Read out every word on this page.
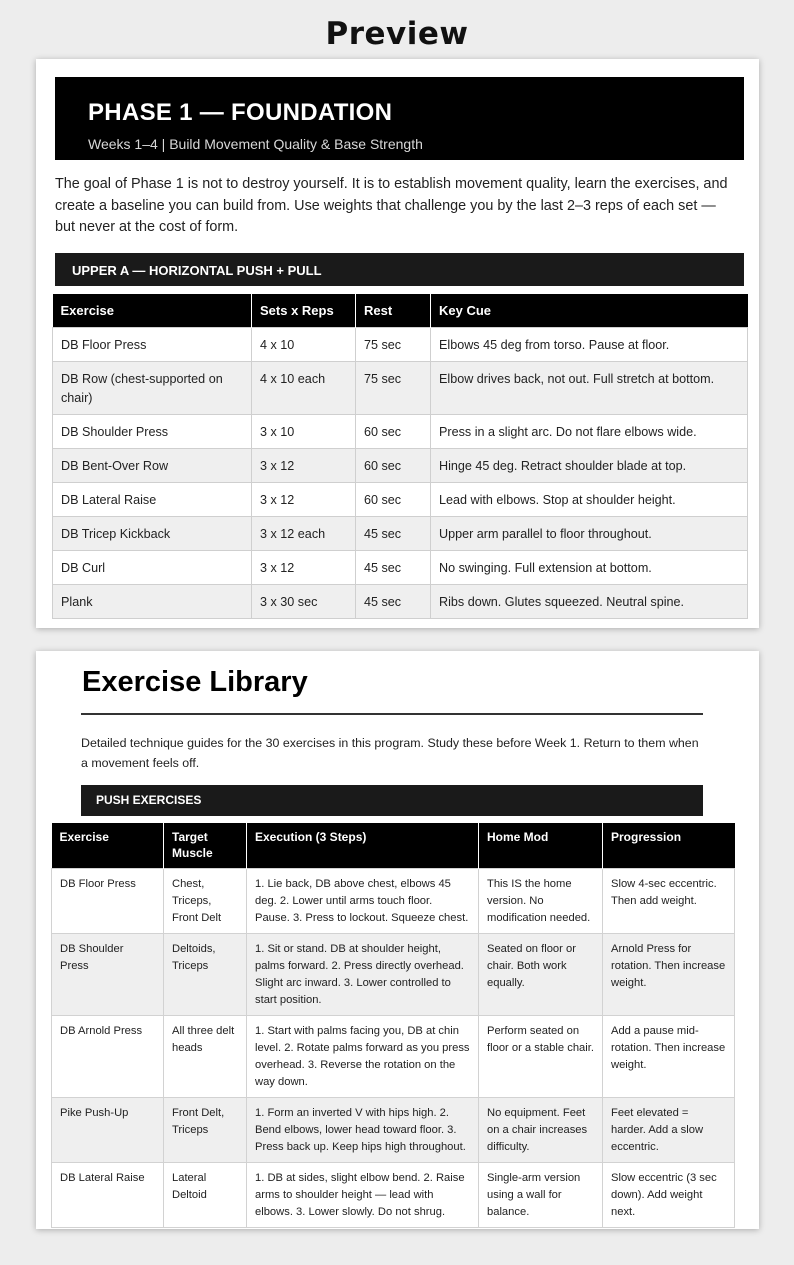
Preview
PHASE 1 — FOUNDATION
Weeks 1–4 | Build Movement Quality & Base Strength

The goal of Phase 1 is not to destroy yourself. It is to establish movement quality, learn the exercises, and create a baseline you can build from. Use weights that challenge you by the last 2–3 reps of each set — but never at the cost of form.

UPPER A — HORIZONTAL PUSH + PULL
Exercise	Sets x Reps	Rest	Key Cue
DB Floor Press	4 x 10	75 sec	Elbows 45 deg from torso. Pause at floor.
DB Row (chest-supported on chair)	4 x 10 each	75 sec	Elbow drives back, not out. Full stretch at bottom.
DB Shoulder Press	3 x 10	60 sec	Press in a slight arc. Do not flare elbows wide.
DB Bent-Over Row	3 x 12	60 sec	Hinge 45 deg. Retract shoulder blade at top.
DB Lateral Raise	3 x 12	60 sec	Lead with elbows. Stop at shoulder height.
DB Tricep Kickback	3 x 12 each	45 sec	Upper arm parallel to floor throughout.
DB Curl	3 x 12	45 sec	No swinging. Full extension at bottom.
Plank	3 x 30 sec	45 sec	Ribs down. Glutes squeezed. Neutral spine.
Exercise Library

Detailed technique guides for the 30 exercises in this program. Study these before Week 1. Return to them when a movement feels off.

PUSH EXERCISES
Exercise	Target Muscle	Execution (3 Steps)	Home Mod	Progression
DB Floor Press	Chest, Triceps, Front Delt	1. Lie back, DB above chest, elbows 45 deg. 2. Lower until arms touch floor. Pause. 3. Press to lockout. Squeeze chest.	This IS the home version. No modification needed.	Slow 4-sec eccentric. Then add weight.
DB Shoulder Press	Deltoids, Triceps	1. Sit or stand. DB at shoulder height, palms forward. 2. Press directly overhead. Slight arc inward. 3. Lower controlled to start position.	Seated on floor or chair. Both work equally.	Arnold Press for rotation. Then increase weight.
DB Arnold Press	All three delt heads	1. Start with palms facing you, DB at chin level. 2. Rotate palms forward as you press overhead. 3. Reverse the rotation on the way down.	Perform seated on floor or a stable chair.	Add a pause mid-rotation. Then increase weight.
Pike Push-Up	Front Delt, Triceps	1. Form an inverted V with hips high. 2. Bend elbows, lower head toward floor. 3. Press back up. Keep hips high throughout.	No equipment. Feet on a chair increases difficulty.	Feet elevated = harder. Add a slow eccentric.
DB Lateral Raise	Lateral Deltoid	1. DB at sides, slight elbow bend. 2. Raise arms to shoulder height — lead with elbows. 3. Lower slowly. Do not shrug.	Single-arm version using a wall for balance.	Slow eccentric (3 sec down). Add weight next.
